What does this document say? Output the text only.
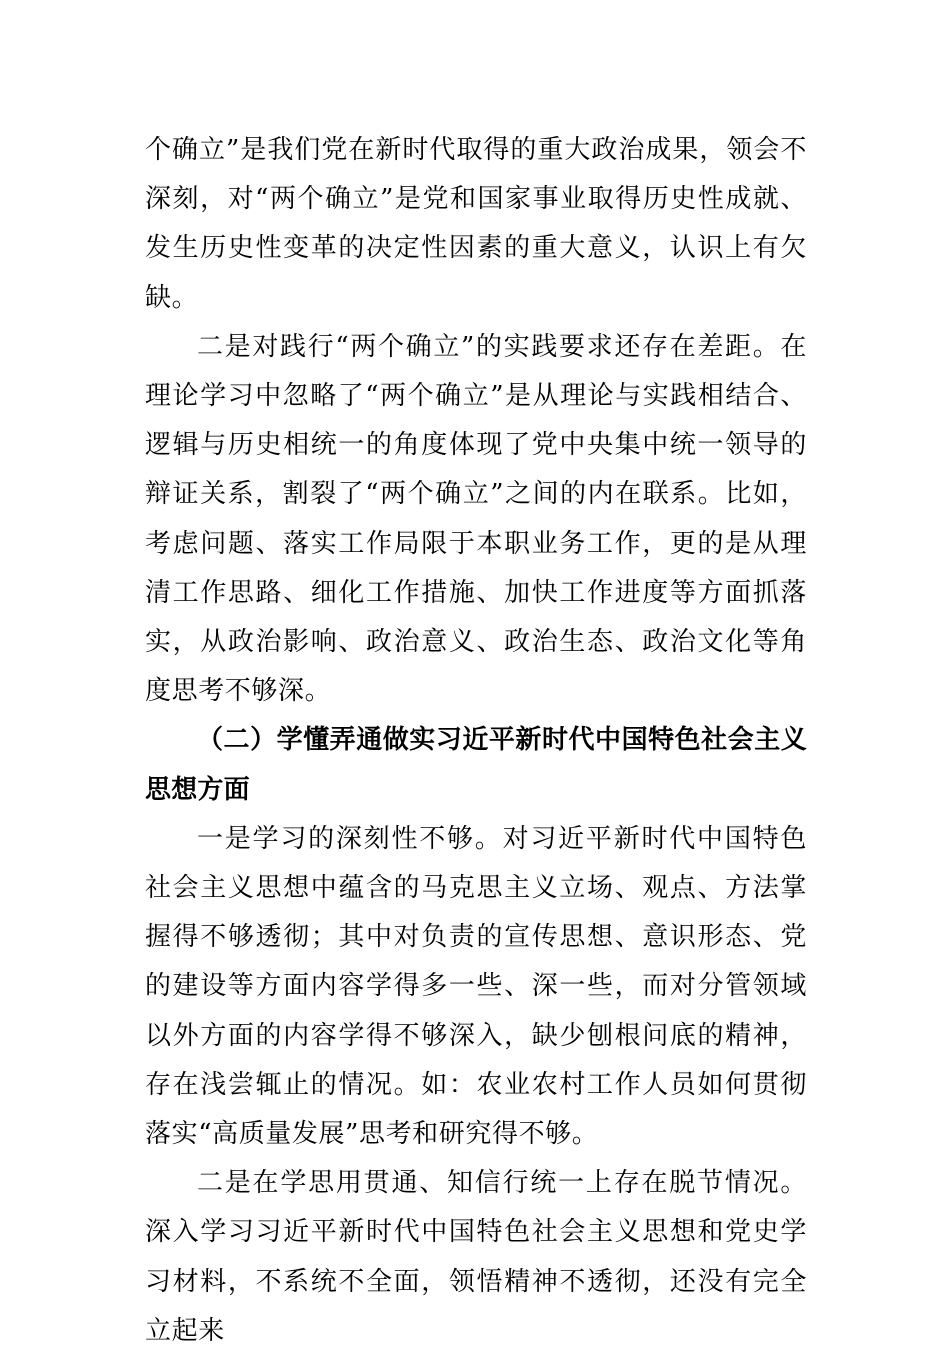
个确立”是我们党在新时代取得的重大政治成果，领会不深刻，对“两个确立”是党和国家事业取得历史性成就、发生历史性变革的决定性因素的重大意义，认识上有欠缺。

二是对践行“两个确立”的实践要求还存在差距。在理论学习中忽略了“两个确立”是从理论与实践相结合、逻辑与历史相统一的角度体现了党中央集中统一领导的辩证关系，割裂了“两个确立”之间的内在联系。比如，考虑问题、落实工作局限于本职业务工作，更的是从理清工作思路、细化工作措施、加快工作进度等方面抓落实，从政治影响、政治意义、政治生态、政治文化等角度思考不够深。

（二）学懂弄通做实习近平新时代中国特色社会主义思想方面

一是学习的深刻性不够。对习近平新时代中国特色社会主义思想中蕴含的马克思主义立场、观点、方法掌握得不够透彻；其中对负责的宣传思想、意识形态、党的建设等方面内容学得多一些、深一些，而对分管领域以外方面的内容学得不够深入，缺少刨根问底的精神，存在浅尝辄止的情况。如：农业农村工作人员如何贯彻落实“高质量发展”思考和研究得不够。

二是在学思用贯通、知信行统一上存在脱节情况。深入学习习近平新时代中国特色社会主义思想和党史学习材料，不系统不全面，领悟精神不透彻，还没有完全立起来
